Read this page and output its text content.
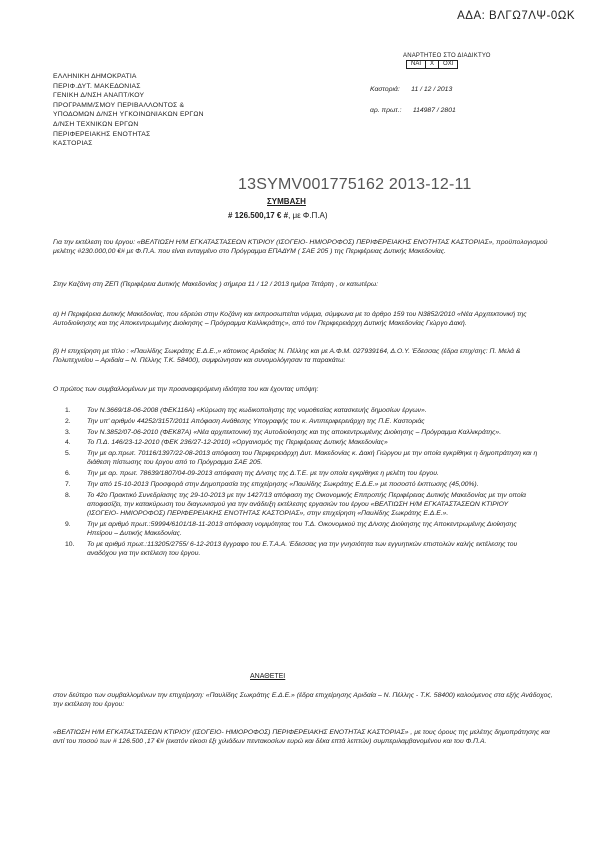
ΑΔΑ: ΒΛΓΩ7ΛΨ-0ΩΚ
ΑΝΑΡΤΗΤΕΟ ΣΤΟ ΔΙΑΔΙΚΤΥΟ
ΝΑΙ	Χ	ΟΧΙ
ΕΛΛΗΝΙΚΗ ΔΗΜΟΚΡΑΤΙΑ
ΠΕΡΙΦ.ΔΥΤ. ΜΑΚΕΔΟΝΙΑΣ
ΓΕΝΙΚΗ Δ/ΝΣΗ ΑΝΑΠΤ/ΚΟΥ
ΠΡΟΓΡΑΜΜ/ΣΜΟΥ ΠΕΡΙΒΑΛΛΟΝΤΟΣ &
ΥΠΟΔΟΜΩΝ Δ/ΝΣΗ ΥΓΚΟΙΝΩΝΙΑΚΩΝ ΕΡΓΩΝ
Δ/ΝΣΗ ΤΕΧΝΙΚΩΝ ΕΡΓΩΝ
ΠΕΡΙΦΕΡΕΙΑΚΗΣ ΕΝΟΤΗΤΑΣ
ΚΑΣΤΟΡΙΑΣ
Καστοριά: 11 / 12 / 2013
αρ. πρωτ.: 114987 / 2801
13SYMV001775162 2013-12-11
ΣΥΜΒΑΣΗ
# 126.500,17 € #, με Φ.Π.Α)
Για την εκτέλεση του έργου: «ΒΕΛΤΙΩΣΗ Η/Μ ΕΓΚΑΤΑΣΤΑΣΕΩΝ ΚΤΙΡΙΟΥ (ΙΣΟΓΕΙΟ- ΗΜΙΟΡΟΦΟΣ) ΠΕΡΙΦΕΡΕΙΑΚΗΣ ΕΝΟΤΗΤΑΣ ΚΑΣΤΟΡΙΑΣ», προϋπολογισμού μελέτης #230.000,00 €# με Φ.Π.Α. που είναι ενταγμένο στο Πρόγραμμα ΕΠΑΔΥΜ ( ΣΑΕ 205 ) της Περιφέρειας Δυτικής Μακεδονίας.
Στην Καζάνη στη ΖΕΠ (Περιφέρεια Δυτικής Μακεδονίας ) σήμερα 11 / 12 / 2013 ημέρα Τετάρτη , οι κατωτέρω:
α) Η Περιφέρεια Δυτικής Μακεδονίας, που εδρεύει στην Κοζάνη και εκπροσωπείται νόμιμα, σύμφωνα με το άρθρο 159 του Ν3852/2010 «Νέα Αρχιτεκτονική της Αυτοδιοίκησης και της Αποκεντρωμένης Διοίκησης – Πρόγραμμα Καλλικράτης», από τον Περιφερειάρχη Δυτικής Μακεδονίας Γιώργο Δακή.
β) Η επιχείρηση με τίτλο : «Παυλίδης Σωκράτης Ε.Δ.Ε.,» κάτοικος Αριδαίας Ν. Πέλλης και με Α.Φ.Μ. 027939164, Δ.Ο.Υ. Έδεσσας (έδρα επιχ/σης: Π. Μελά & Πολυτεχνείου – Αριδαία – Ν. Πέλλης Τ.Κ. 58400), συμφώνησαν και συνομολόγησαν τα παρακάτω:
Ο πρώτος των συμβαλλομένων με την προαναφερόμενη ιδιότητα του και έχοντας υπόψη:
1. Τον Ν.3669/18-06-2008 (ΦΕΚ116Α) «Κύρωση της κωδικοποίησης της νομοθεσίας κατασκευής δημοσίων έργων».
2. Την υπ' αριθμόν 44252/3157/2011 Απόφαση Ανάθεσης Υπογραφής του κ. Αντιπεριφερειάρχη της Π.Ε. Καστοριάς
3. Τον Ν.3852/07-06-2010 (ΦΕΚ87Α) «Νέα αρχιτεκτονική της Αυτοδιοίκησης και της αποκεντρωμένης Διοίκησης – Πρόγραμμα Καλλικράτης».
4. Το Π.Δ. 146/23-12-2010 (ΦΕΚ 236/27-12-2010) «Οργανισμός της Περιφέρειας Δυτικής Μακεδονίας»
5. Την με αρ.πρωτ. 70116/1397/22-08-2013 απόφαση του Περιφερειάρχη Δυτ. Μακεδονίας κ. Δακή Γιώργου με την οποία εγκρίθηκε η δημοπράτηση και η διάθεση πίστωσης του έργου από το Πρόγραμμα ΣΑΕ 205.
6. Την με αρ. πρωτ. 78639/1807/04-09-2013 απόφαση της Δ/νσης της Δ.Τ.Ε. με την οποία εγκρίθηκε η μελέτη του έργου.
7. Την από 15-10-2013 Προσφορά στην Δημοπρασία της επιχείρησης «Παυλίδης Σωκράτης Ε.Δ.Ε.» με ποσοστό έκπτωσης (45,00%).
8. Το 42ο Πρακτικό Συνεδρίασης της 29-10-2013 με την 1427/13 απόφαση της Οικονομικής Επιτροπής Περιφέρειας Δυτικής Μακεδονίας με την οποία αποφασίζει, την κατακύρωση του διαγωνισμού για την ανάδειξη εκτέλεσης εργασιών του έργου «ΒΕΛΤΙΩΣΗ Η/Μ ΕΓΚΑΤΑΣΤΑΣΕΩΝ ΚΤΙΡΙΟΥ (ΙΣΟΓΕΙΟ- ΗΜΙΟΡΟΦΟΣ) ΠΕΡΙΦΕΡΕΙΑΚΗΣ ΕΝΟΤΗΤΑΣ ΚΑΣΤΟΡΙΑΣ», στην επιχείρηση «Παυλίδης Σωκράτης Ε.Δ.Ε.».
9. Την με αριθμό πρωτ.:59994/6101/18-11-2013 απόφαση νομιμότητας του Τ.Δ. Οικονομικού της Δ/νσης Διοίκησης της Αποκεντρωμένης Διοίκησης Ηπείρου – Δυτικής Μακεδονίας.
10. Το με αριθμό πρωτ.:113205/2755/ 6-12-2013 έγγραφο του Ε.Τ.Α.Α. Έδεσσας για την γνησιότητα των εγγυητικών επιστολών καλής εκτέλεσης του αναδόχου για την εκτέλεση του έργου.
ΑΝΑΘΕΤΕΙ
στον δεύτερο των συμβαλλομένων την επιχείρηση: «Παυλίδης Σωκράτης Ε.Δ.Ε.» (έδρα επιχείρησης Αριδαία – Ν. Πέλλης - Τ.Κ. 58400) καλούμενος στα εξής Ανάδοχος, την εκτέλεση του έργου:
«ΒΕΛΤΙΩΣΗ Η/Μ ΕΓΚΑΤΑΣΤΑΣΕΩΝ ΚΤΙΡΙΟΥ (ΙΣΟΓΕΙΟ- ΗΜΙΟΡΟΦΟΣ) ΠΕΡΙΦΕΡΕΙΑΚΗΣ ΕΝΟΤΗΤΑΣ ΚΑΣΤΟΡΙΑΣ» , με τους όρους της μελέτης δημοπράτησης και αντί του ποσού των # 126.500 ,17 €# (εκατόν είκοσι έξι χιλιάδων πεντακοσίων ευρώ και δέκα επτά λεπτών) συμπεριλαμβανομένου και του Φ.Π.Α.
